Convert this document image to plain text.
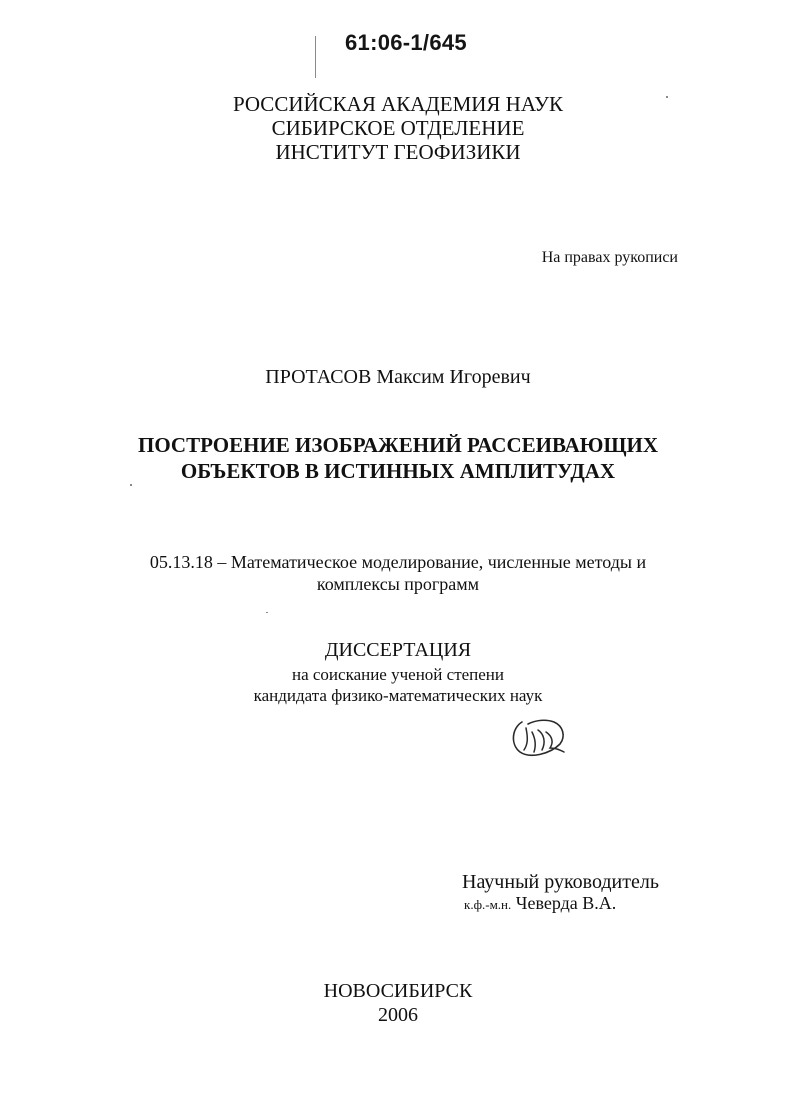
61:06-1/645
РОССИЙСКАЯ АКАДЕМИЯ НАУК
СИБИРСКОЕ ОТДЕЛЕНИЕ
ИНСТИТУТ ГЕОФИЗИКИ
На правах рукописи
ПРОТАСОВ Максим Игоревич
ПОСТРОЕНИЕ ИЗОБРАЖЕНИЙ РАССЕИВАЮЩИХ
ОБЪЕКТОВ В ИСТИННЫХ АМПЛИТУДАХ
05.13.18 – Математическое моделирование, численные методы и
комплексы программ
ДИССЕРТАЦИЯ
на соискание ученой степени
кандидата физико-математических наук
Научный руководитель
к.ф.-м.н. Чеверда В.А.
НОВОСИБИРСК
2006
